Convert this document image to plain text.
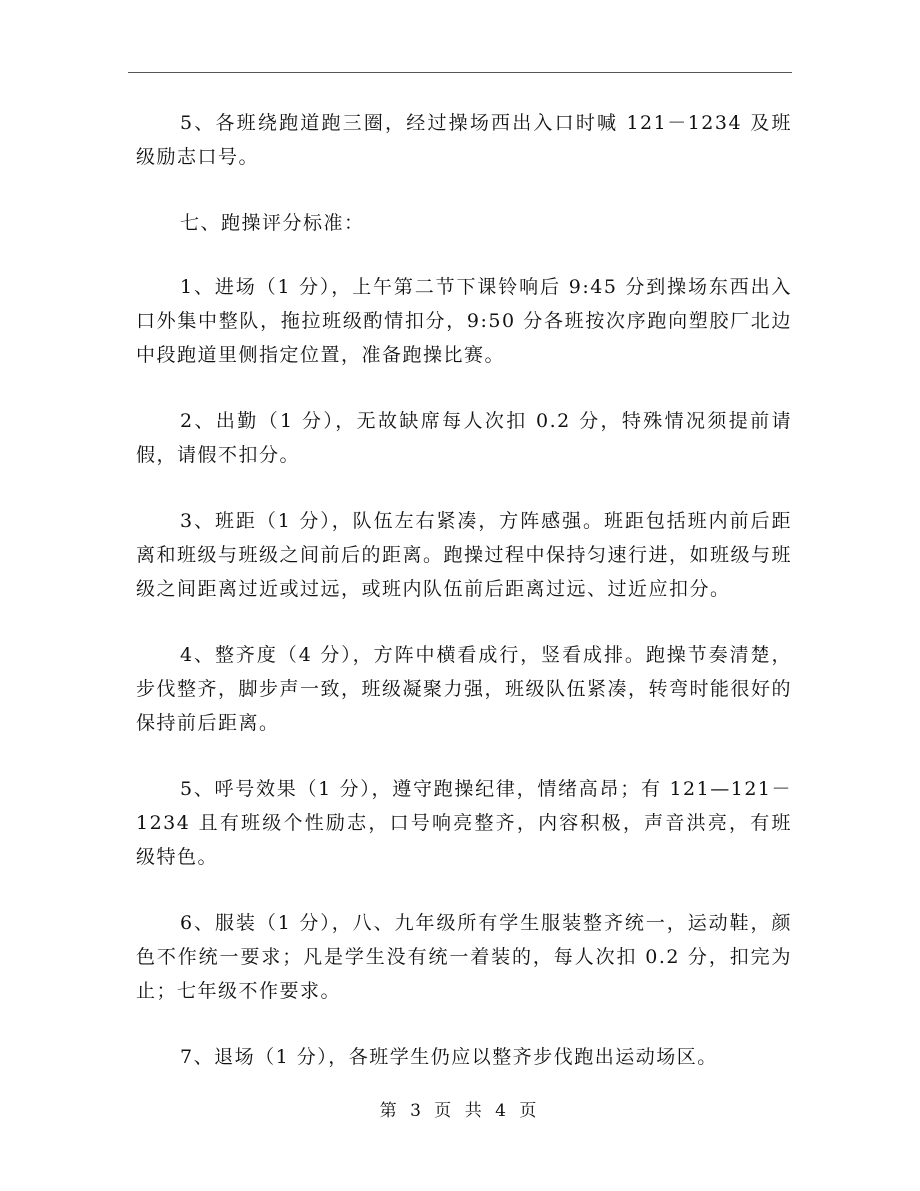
5、各班绕跑道跑三圈，经过操场西出入口时喊 121－1234 及班级励志口号。

七、跑操评分标准：

1、进场（1 分），上午第二节下课铃响后 9:45 分到操场东西出入口外集中整队，拖拉班级酌情扣分，9:50 分各班按次序跑向塑胶厂北边中段跑道里侧指定位置，准备跑操比赛。

2、出勤（1 分），无故缺席每人次扣 0.2 分，特殊情况须提前请假，请假不扣分。

3、班距（1 分），队伍左右紧凑，方阵感强。班距包括班内前后距离和班级与班级之间前后的距离。跑操过程中保持匀速行进，如班级与班级之间距离过近或过远，或班内队伍前后距离过远、过近应扣分。

4、整齐度（4 分），方阵中横看成行，竖看成排。跑操节奏清楚，步伐整齐，脚步声一致，班级凝聚力强，班级队伍紧凑，转弯时能很好的保持前后距离。

5、呼号效果（1 分），遵守跑操纪律，情绪高昂；有 121—121－1234 且有班级个性励志，口号响亮整齐，内容积极，声音洪亮，有班级特色。

6、服装（1 分），八、九年级所有学生服装整齐统一，运动鞋，颜色不作统一要求；凡是学生没有统一着装的，每人次扣 0.2 分，扣完为止；七年级不作要求。

7、退场（1 分），各班学生仍应以整齐步伐跑出运动场区。

第 3 页 共 4 页
